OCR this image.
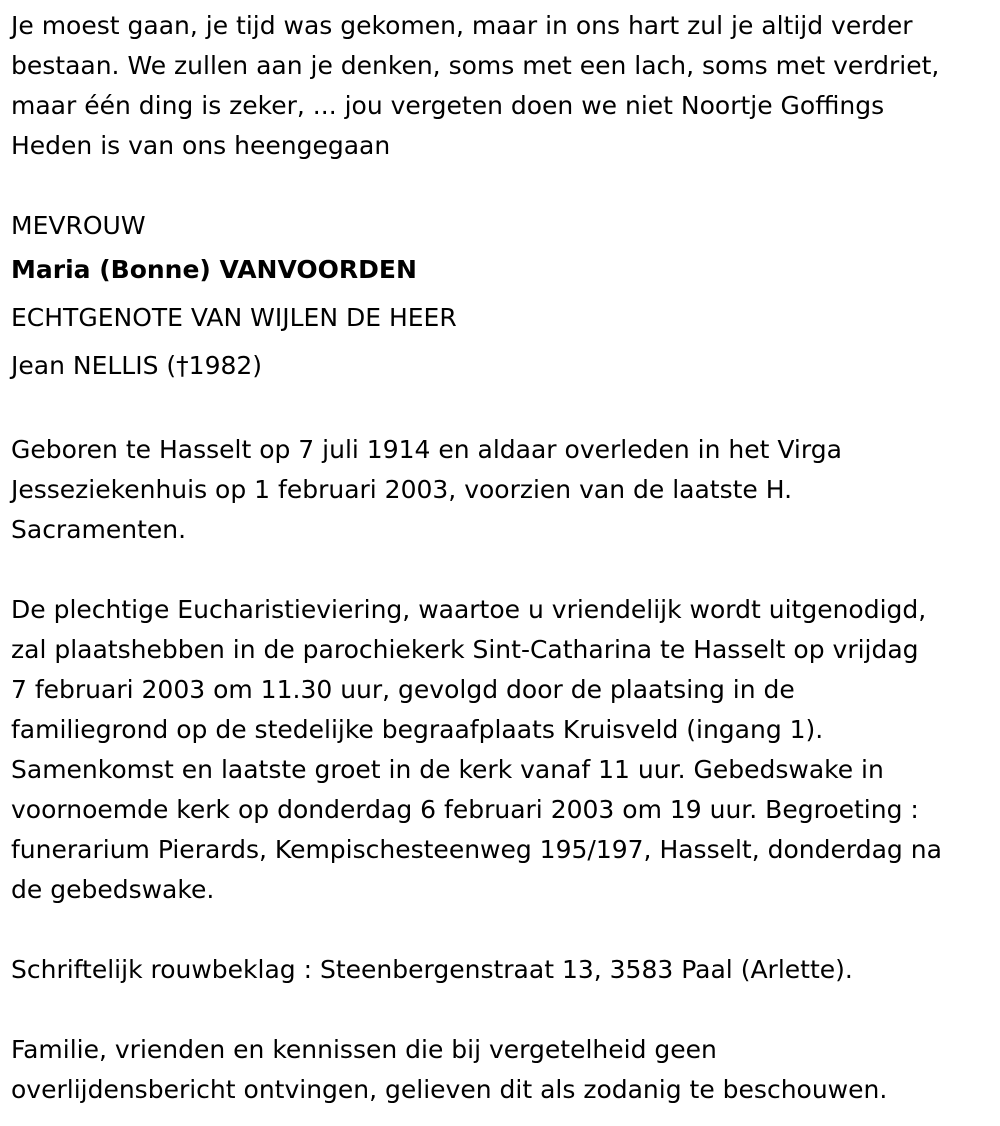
Je moest gaan, je tijd was gekomen, maar in ons hart zul je altijd verder
bestaan. We zullen aan je denken, soms met een lach, soms met verdriet,
maar één ding is zeker, ... jou vergeten doen we niet Noortje Goffings
Heden is van ons heengegaan
MEVROUW
Maria (Bonne) VANVOORDEN
ECHTGENOTE VAN WIJLEN DE HEER
Jean NELLIS (†1982)
Geboren te Hasselt op 7 juli 1914 en aldaar overleden in het Virga
Jesseziekenhuis op 1 februari 2003, voorzien van de laatste H.
Sacramenten.
De plechtige Eucharistieviering, waartoe u vriendelijk wordt uitgenodigd,
zal plaatshebben in de parochiekerk Sint-Catharina te Hasselt op vrijdag
7 februari 2003 om 11.30 uur, gevolgd door de plaatsing in de
familiegrond op de stedelijke begraafplaats Kruisveld (ingang 1).
Samenkomst en laatste groet in de kerk vanaf 11 uur. Gebedswake in
voornoemde kerk op donderdag 6 februari 2003 om 19 uur. Begroeting :
funerarium Pierards, Kempischesteenweg 195/197, Hasselt, donderdag na
de gebedswake.
Schriftelijk rouwbeklag : Steenbergenstraat 13, 3583 Paal (Arlette).
Familie, vrienden en kennissen die bij vergetelheid geen
overlijdensbericht ontvingen, gelieven dit als zodanig te beschouwen.
